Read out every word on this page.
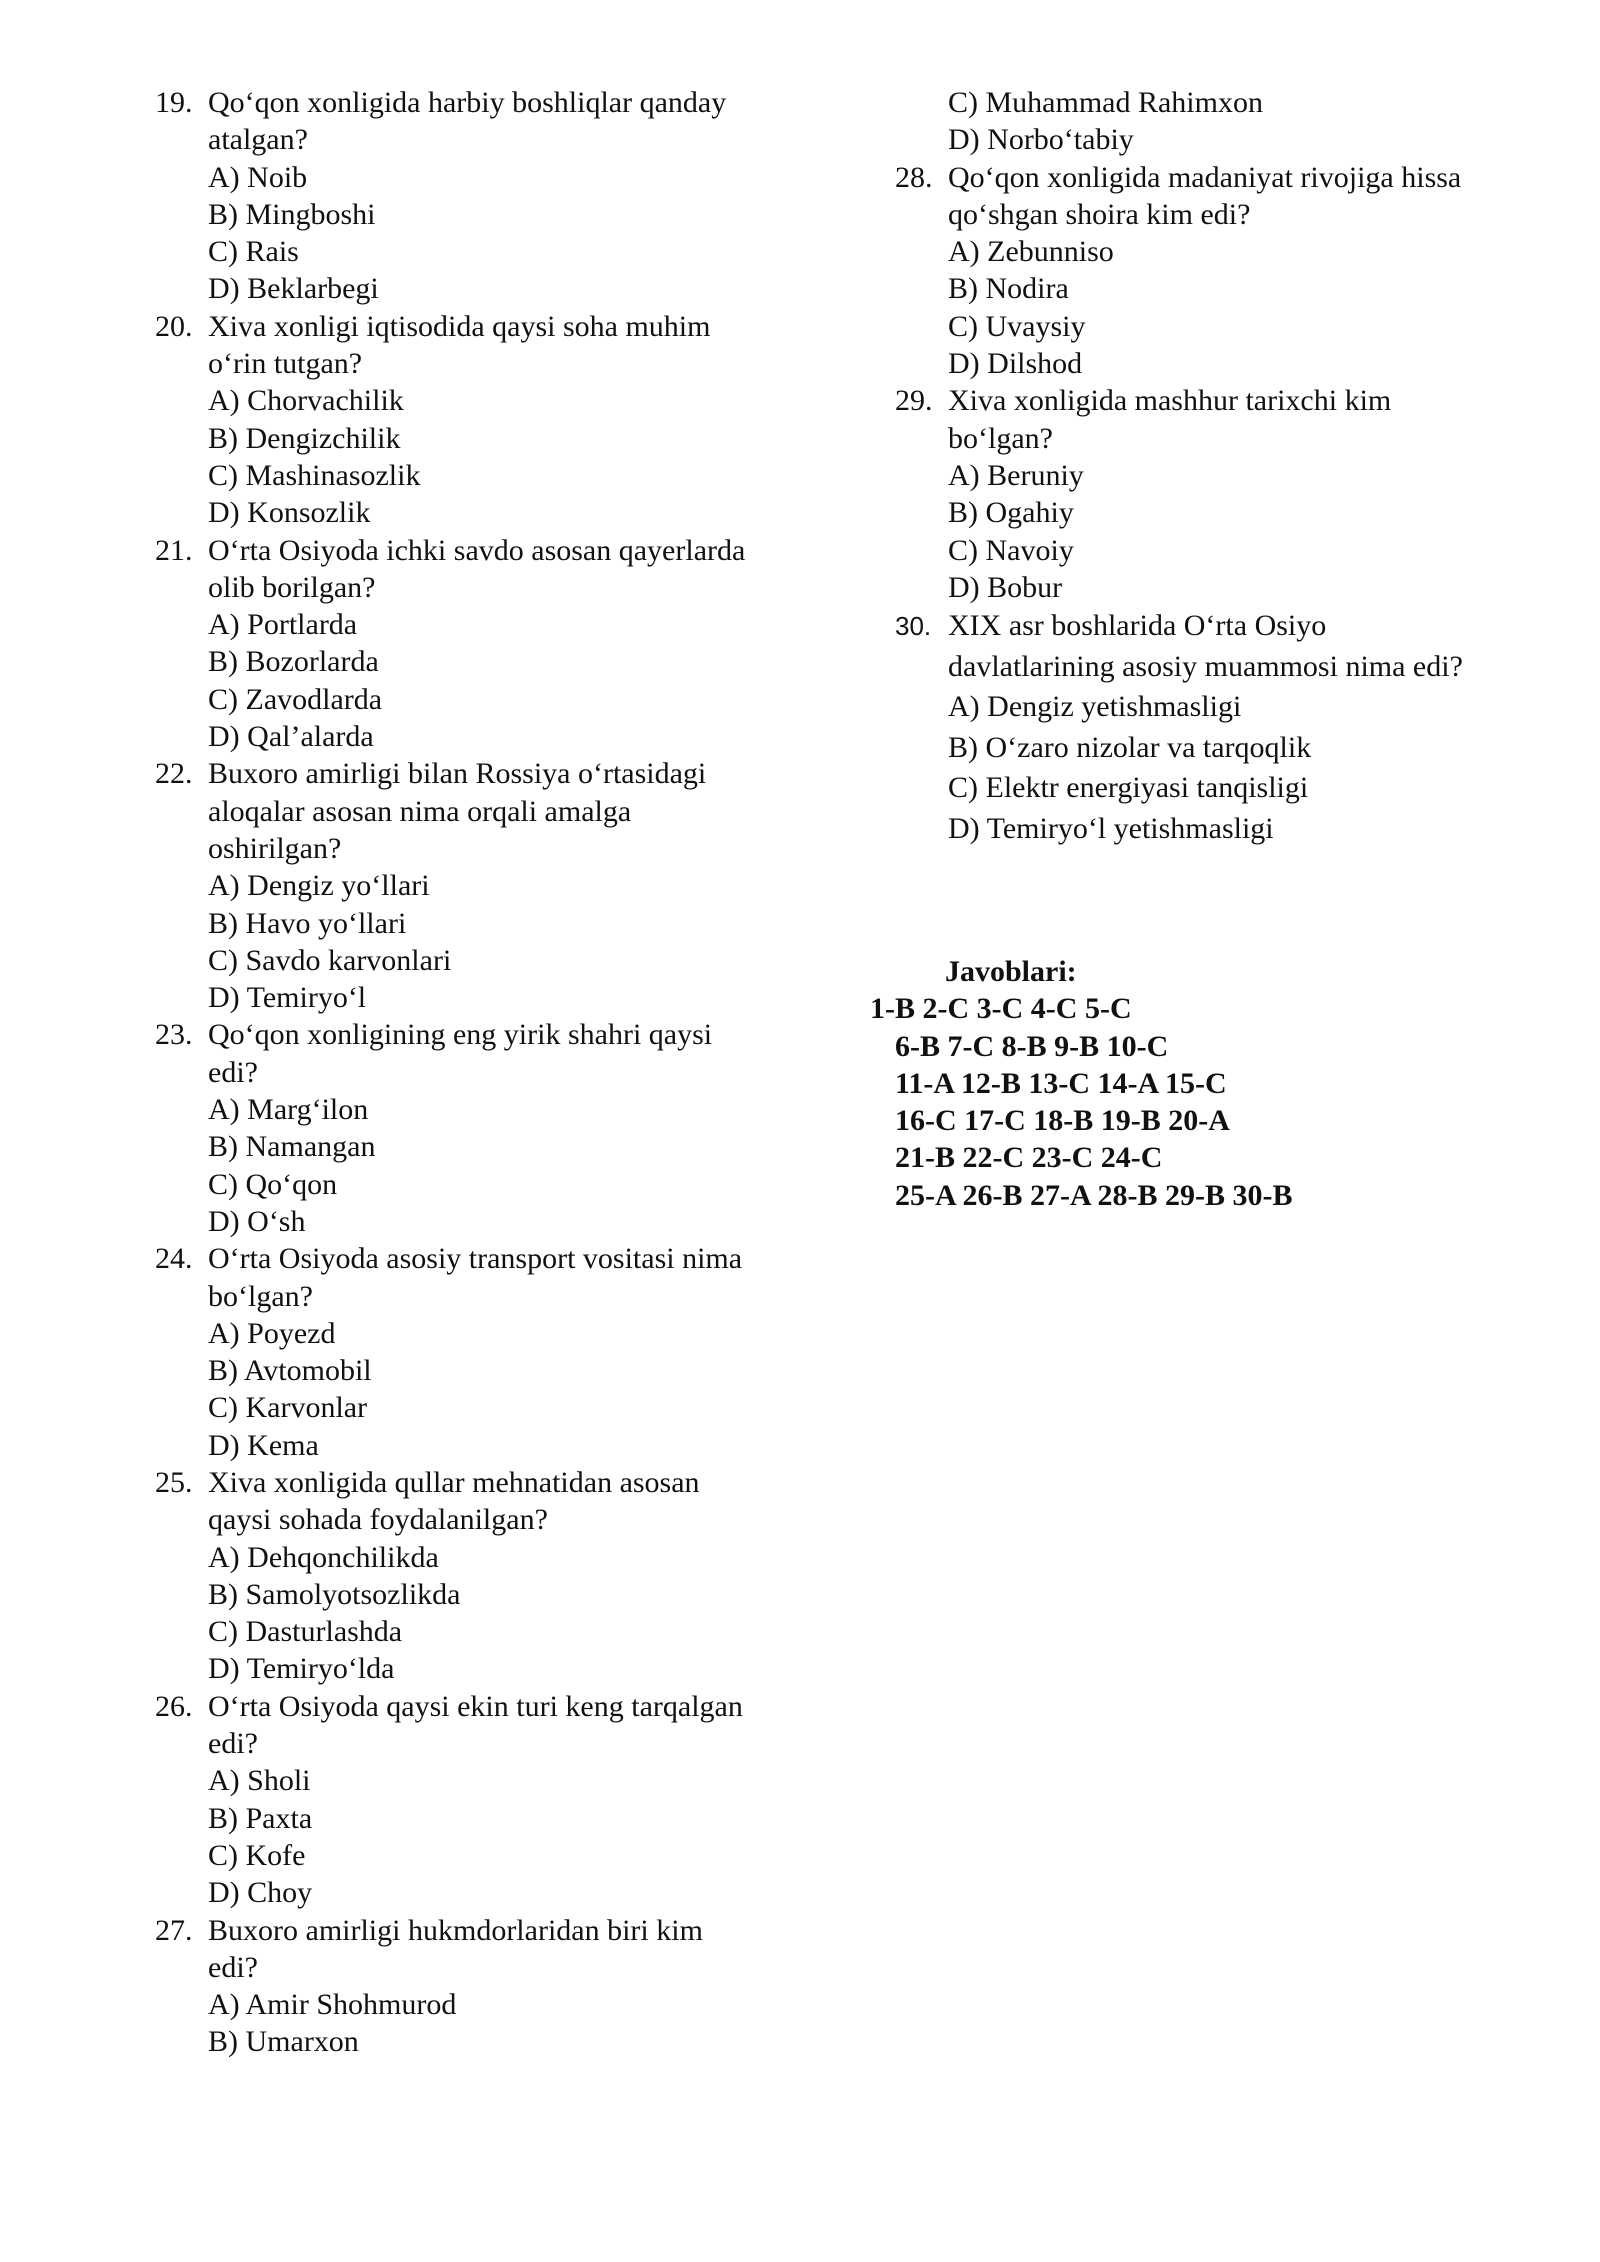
19. Qo‘qon xonligida harbiy boshliqlar qanday atalgan?
A) Noib
B) Mingboshi
C) Rais
D) Beklarbegi
20. Xiva xonligi iqtisodida qaysi soha muhim o‘rin tutgan?
A) Chorvachilik
B) Dengizchilik
C) Mashinasozlik
D) Konsozlik
21. O‘rta Osiyoda ichki savdo asosan qayerlarda olib borilgan?
A) Portlarda
B) Bozorlarda
C) Zavodlarda
D) Qal’alarda
22. Buxoro amirligi bilan Rossiya o‘rtasidagi aloqalar asosan nima orqali amalga oshirilgan?
A) Dengiz yo‘llari
B) Havo yo‘llari
C) Savdo karvonlari
D) Temiryo‘l
23. Qo‘qon xonligining eng yirik shahri qaysi edi?
A) Marg‘ilon
B) Namangan
C) Qo‘qon
D) O‘sh
24. O‘rta Osiyoda asosiy transport vositasi nima bo‘lgan?
A) Poyezd
B) Avtomobil
C) Karvonlar
D) Kema
25. Xiva xonligida qullar mehnatidan asosan qaysi sohada foydalanilgan?
A) Dehqonchilikda
B) Samolyotsozlikda
C) Dasturlashda
D) Temiryo‘lda
26. O‘rta Osiyoda qaysi ekin turi keng tarqalgan edi?
A) Sholi
B) Paxta
C) Kofe
D) Choy
27. Buxoro amirligi hukmdorlaridan biri kim edi?
A) Amir Shohmurod
B) Umarxon
C) Muhammad Rahimxon
D) Norbo‘tabiy
28. Qo‘qon xonligida madaniyat rivojiga hissa qo‘shgan shoira kim edi?
A) Zebunniso
B) Nodira
C) Uvaysiy
D) Dilshod
29. Xiva xonligida mashhur tarixchi kim bo‘lgan?
A) Beruniy
B) Ogahiy
C) Navoiy
D) Bobur
30. XIX asr boshlarida O‘rta Osiyo davlatlarining asosiy muammosi nima edi?
A) Dengiz yetishmasligi
B) O‘zaro nizolar va tarqoqlik
C) Elektr energiyasi tanqisligi
D) Temiryo‘l yetishmasligi
Javoblari:
1-B 2-C 3-C 4-C 5-C
6-B 7-C 8-B 9-B 10-C
11-A 12-B 13-C 14-A 15-C
16-C 17-C 18-B 19-B 20-A
21-B 22-C 23-C 24-C
25-A 26-B 27-A 28-B 29-B 30-B
